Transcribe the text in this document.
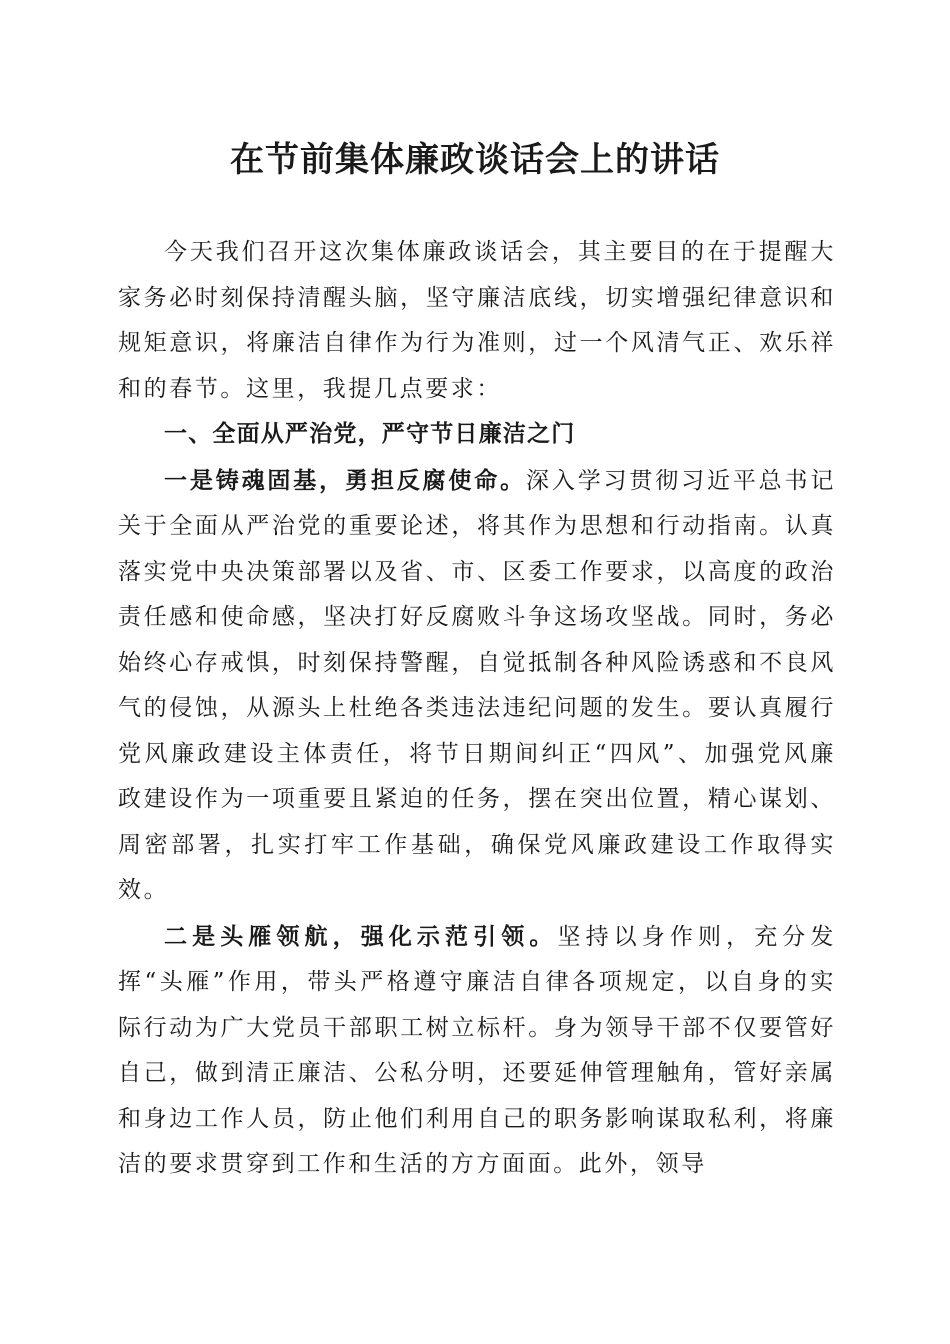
在节前集体廉政谈话会上的讲话

今天我们召开这次集体廉政谈话会，其主要目的在于提醒大家务必时刻保持清醒头脑，坚守廉洁底线，切实增强纪律意识和规矩意识，将廉洁自律作为行为准则，过一个风清气正、欢乐祥和的春节。这里，我提几点要求：

一、全面从严治党，严守节日廉洁之门

一是铸魂固基，勇担反腐使命。深入学习贯彻习近平总书记关于全面从严治党的重要论述，将其作为思想和行动指南。认真落实党中央决策部署以及省、市、区委工作要求，以高度的政治责任感和使命感，坚决打好反腐败斗争这场攻坚战。同时，务必始终心存戒惧，时刻保持警醒，自觉抵制各种风险诱惑和不良风气的侵蚀，从源头上杜绝各类违法违纪问题的发生。要认真履行党风廉政建设主体责任，将节日期间纠正“四风”、加强党风廉政建设作为一项重要且紧迫的任务，摆在突出位置，精心谋划、周密部署，扎实打牢工作基础，确保党风廉政建设工作取得实效。

二是头雁领航，强化示范引领。坚持以身作则，充分发挥“头雁”作用，带头严格遵守廉洁自律各项规定，以自身的实际行动为广大党员干部职工树立标杆。身为领导干部不仅要管好自己，做到清正廉洁、公私分明，还要延伸管理触角，管好亲属和身边工作人员，防止他们利用自己的职务影响谋取私利，将廉洁的要求贯穿到工作和生活的方方面面。此外，领导
